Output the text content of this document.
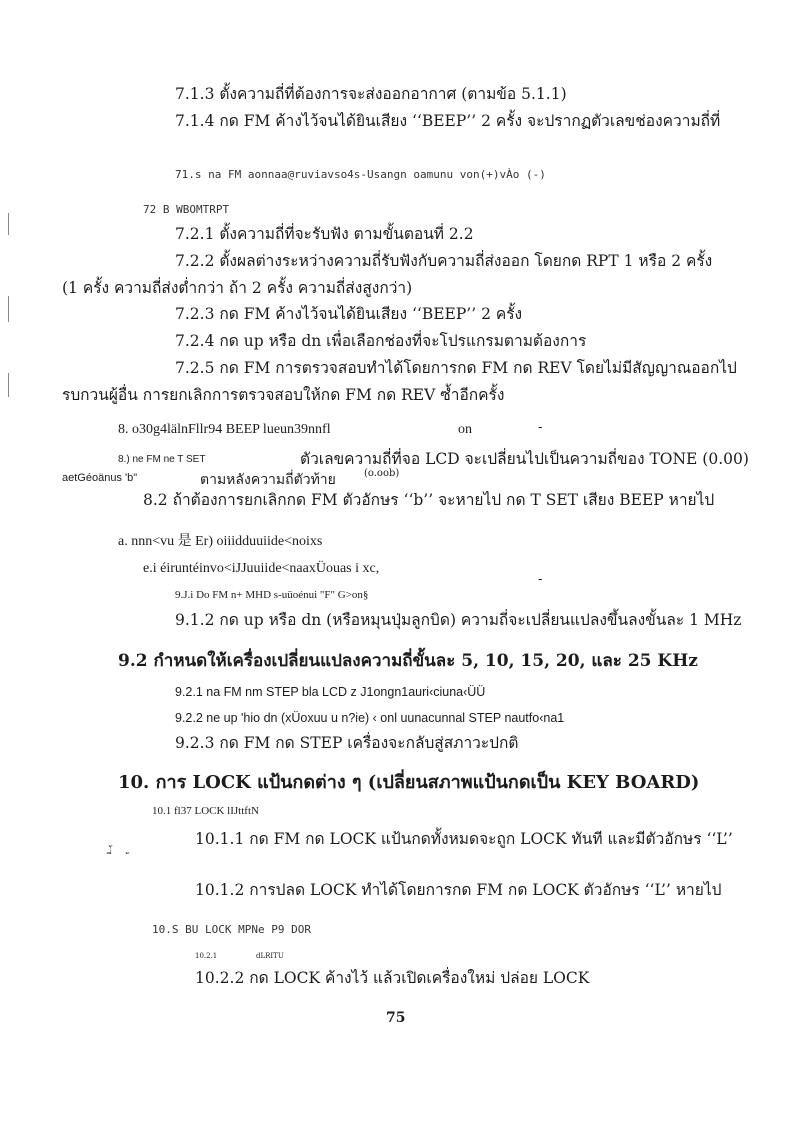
7.1.3 ตั้งความถี่ที่ต้องการจะส่งออกอากาศ (ตามข้อ 5.1.1)
7.1.4 กด FM ค้างไว้จนได้ยินเสียง ‘‘BEEP’’ 2 ครั้ง จะปรากฏตัวเลขช่องความถี่ที่
71.s na FM aonnaa@ruviavso4s-Usangn oamunu von(+)vÀo (-)
72 B WBOMTRPT
7.2.1 ตั้งความถี่ที่จะรับฟัง ตามขั้นตอนที่ 2.2
7.2.2 ตั้งผลต่างระหว่างความถี่รับฟังกับความถี่ส่งออก โดยกด RPT 1 หรือ 2 ครั้ง
(1 ครั้ง ความถี่ส่งต่ำกว่า ถ้า 2 ครั้ง ความถี่ส่งสูงกว่า)
7.2.3 กด FM ค้างไว้จนได้ยินเสียง ‘‘BEEP’’ 2 ครั้ง
7.2.4 กด up หรือ dn เพื่อเลือกช่องที่จะโปรแกรมตามต้องการ
7.2.5 กด FM การตรวจสอบทำได้โดยการกด FM กด REV โดยไม่มีสัญญาณออกไป
รบกวนผู้อื่น การยกเลิกการตรวจสอบให้กด FM กด REV ซ้ำอีกครั้ง
8. o30g4lälnFllr94 BEEP lueun39nnfl	on	-
8.) ne FM ne T SET	ตัวเลขความถี่ที่จอ LCD จะเปลี่ยนไปเป็นความถี่ของ TONE (0.00)
aetGéoänus 'b"	ตามหลังความถี่ตัวท้าย	(o.oob)
8.2 ถ้าต้องการยกเลิกกด FM ตัวอักษร ‘‘b’’ จะหายไป กด T SET เสียง BEEP หายไป
a. nnn<vu 是 Er) oiiidduuiide<noixs
e.i éiruntéinvo<iJJuuiide<naaxÜouas i xc,
9.J.i Do FM n+ MHD s-uüoénui "F" G>on§
-
9.1.2 กด up หรือ dn (หรือหมุนปุ่มลูกบิด) ความถี่จะเปลี่ยนแปลงขึ้นลงขั้นละ 1 MHz
9.2 กำหนดให้เครื่องเปลี่ยนแปลงความถี่ขั้นละ 5, 10, 15, 20, และ 25 KHz
9.2.1 na FM nm STEP bla LCD z J1ongn1auri‹ciuna‹ÜÜ
9.2.2 ne up 'hio dn (xÜoxuu u n?ie) ‹ onl uunacunnal STEP nautfo‹na1
9.2.3 กด FM กด STEP เครื่องจะกลับสู่สภาวะปกติ
10. การ LOCK แป้นกดต่าง ๆ (เปลี่ยนสภาพแป้นกดเป็น KEY BOARD)
10.1 fl37 LOCK lIJttftN
10.1.1 กด FM กด LOCK แป้นกดทั้งหมดจะถูก LOCK ทันที และมีตัวอักษร ‘‘L’’
ี่่้ ั
10.1.2 การปลด LOCK ทำได้โดยการกด FM กด LOCK ตัวอักษร ‘‘L’’ หายไป
10.S BU LOCK MPNe P9 DOR
10.2.1	dLRITU
10.2.2 กด LOCK ค้างไว้ แล้วเปิดเครื่องใหม่ ปล่อย LOCK
75
